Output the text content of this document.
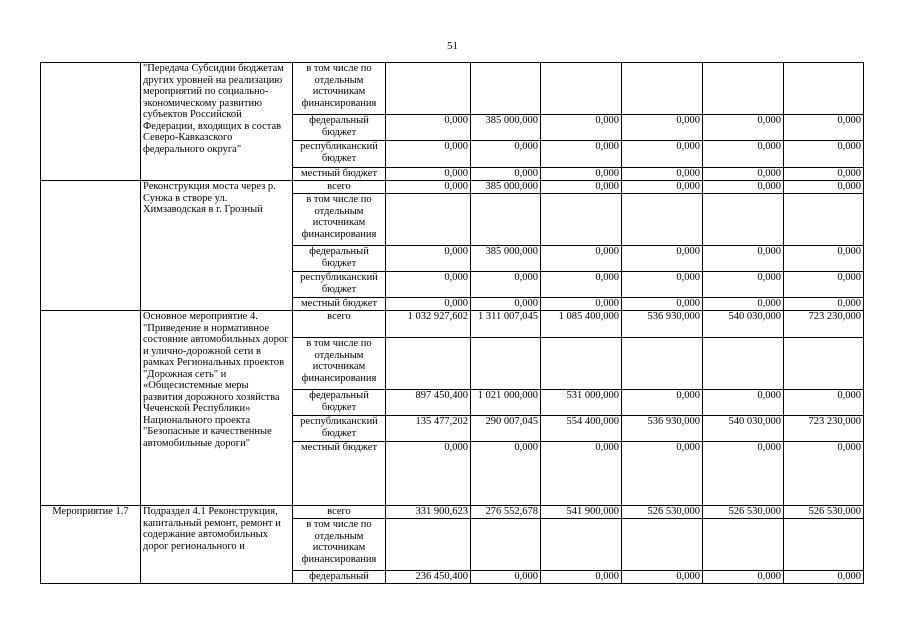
51
	"Передача Субсидии бюджетам других уровней на реализацию мероприятий по социально-экономическому развитию субъектов Российской Федерации, входящих в состав Северо-Кавказского федерального округа"	в том числе по отдельным источникам финансирования						
		федеральный бюджет	0,000	385 000,000	0,000	0,000	0,000	0,000
		республиканский бюджет	0,000	0,000	0,000	0,000	0,000	0,000
		местный бюджет	0,000	0,000	0,000	0,000	0,000	0,000
	Реконструкция моста через р. Сунжа в створе ул. Химзаводская в г. Грозный	всего	0,000	385 000,000	0,000	0,000	0,000	0,000
		в том числе по отдельным источникам финансирования						
		федеральный бюджет	0,000	385 000,000	0,000	0,000	0,000	0,000
		республиканский бюджет	0,000	0,000	0,000	0,000	0,000	0,000
		местный бюджет	0,000	0,000	0,000	0,000	0,000	0,000
	Основное мероприятие 4. "Приведение в нормативное состояние автомобильных дорог и улично-дорожной сети в рамках Региональных проектов "Дорожная сеть" и «Общесистемные меры развития дорожного хозяйства Чеченской Республики» Национального проекта "Безопасные и качественные автомобильные дороги"	всего	1 032 927,602	1 311 007,045	1 085 400,000	536 930,000	540 030,000	723 230,000
		в том числе по отдельным источникам финансирования						
		федеральный бюджет	897 450,400	1 021 000,000	531 000,000	0,000	0,000	0,000
		республиканский бюджет	135 477,202	290 007,045	554 400,000	536 930,000	540 030,000	723 230,000
		местный бюджет	0,000	0,000	0,000	0,000	0,000	0,000
Мероприятие 1.7	Подраздел 4.1 Реконструкция, капитальный ремонт, ремонт и содержание автомобильных дорог регионального и	всего	331 900,623	276 552,678	541 900,000	526 530,000	526 530,000	526 530,000
		в том числе по отдельным источникам финансирования						
		федеральный	236 450,400	0,000	0,000	0,000	0,000	0,000
